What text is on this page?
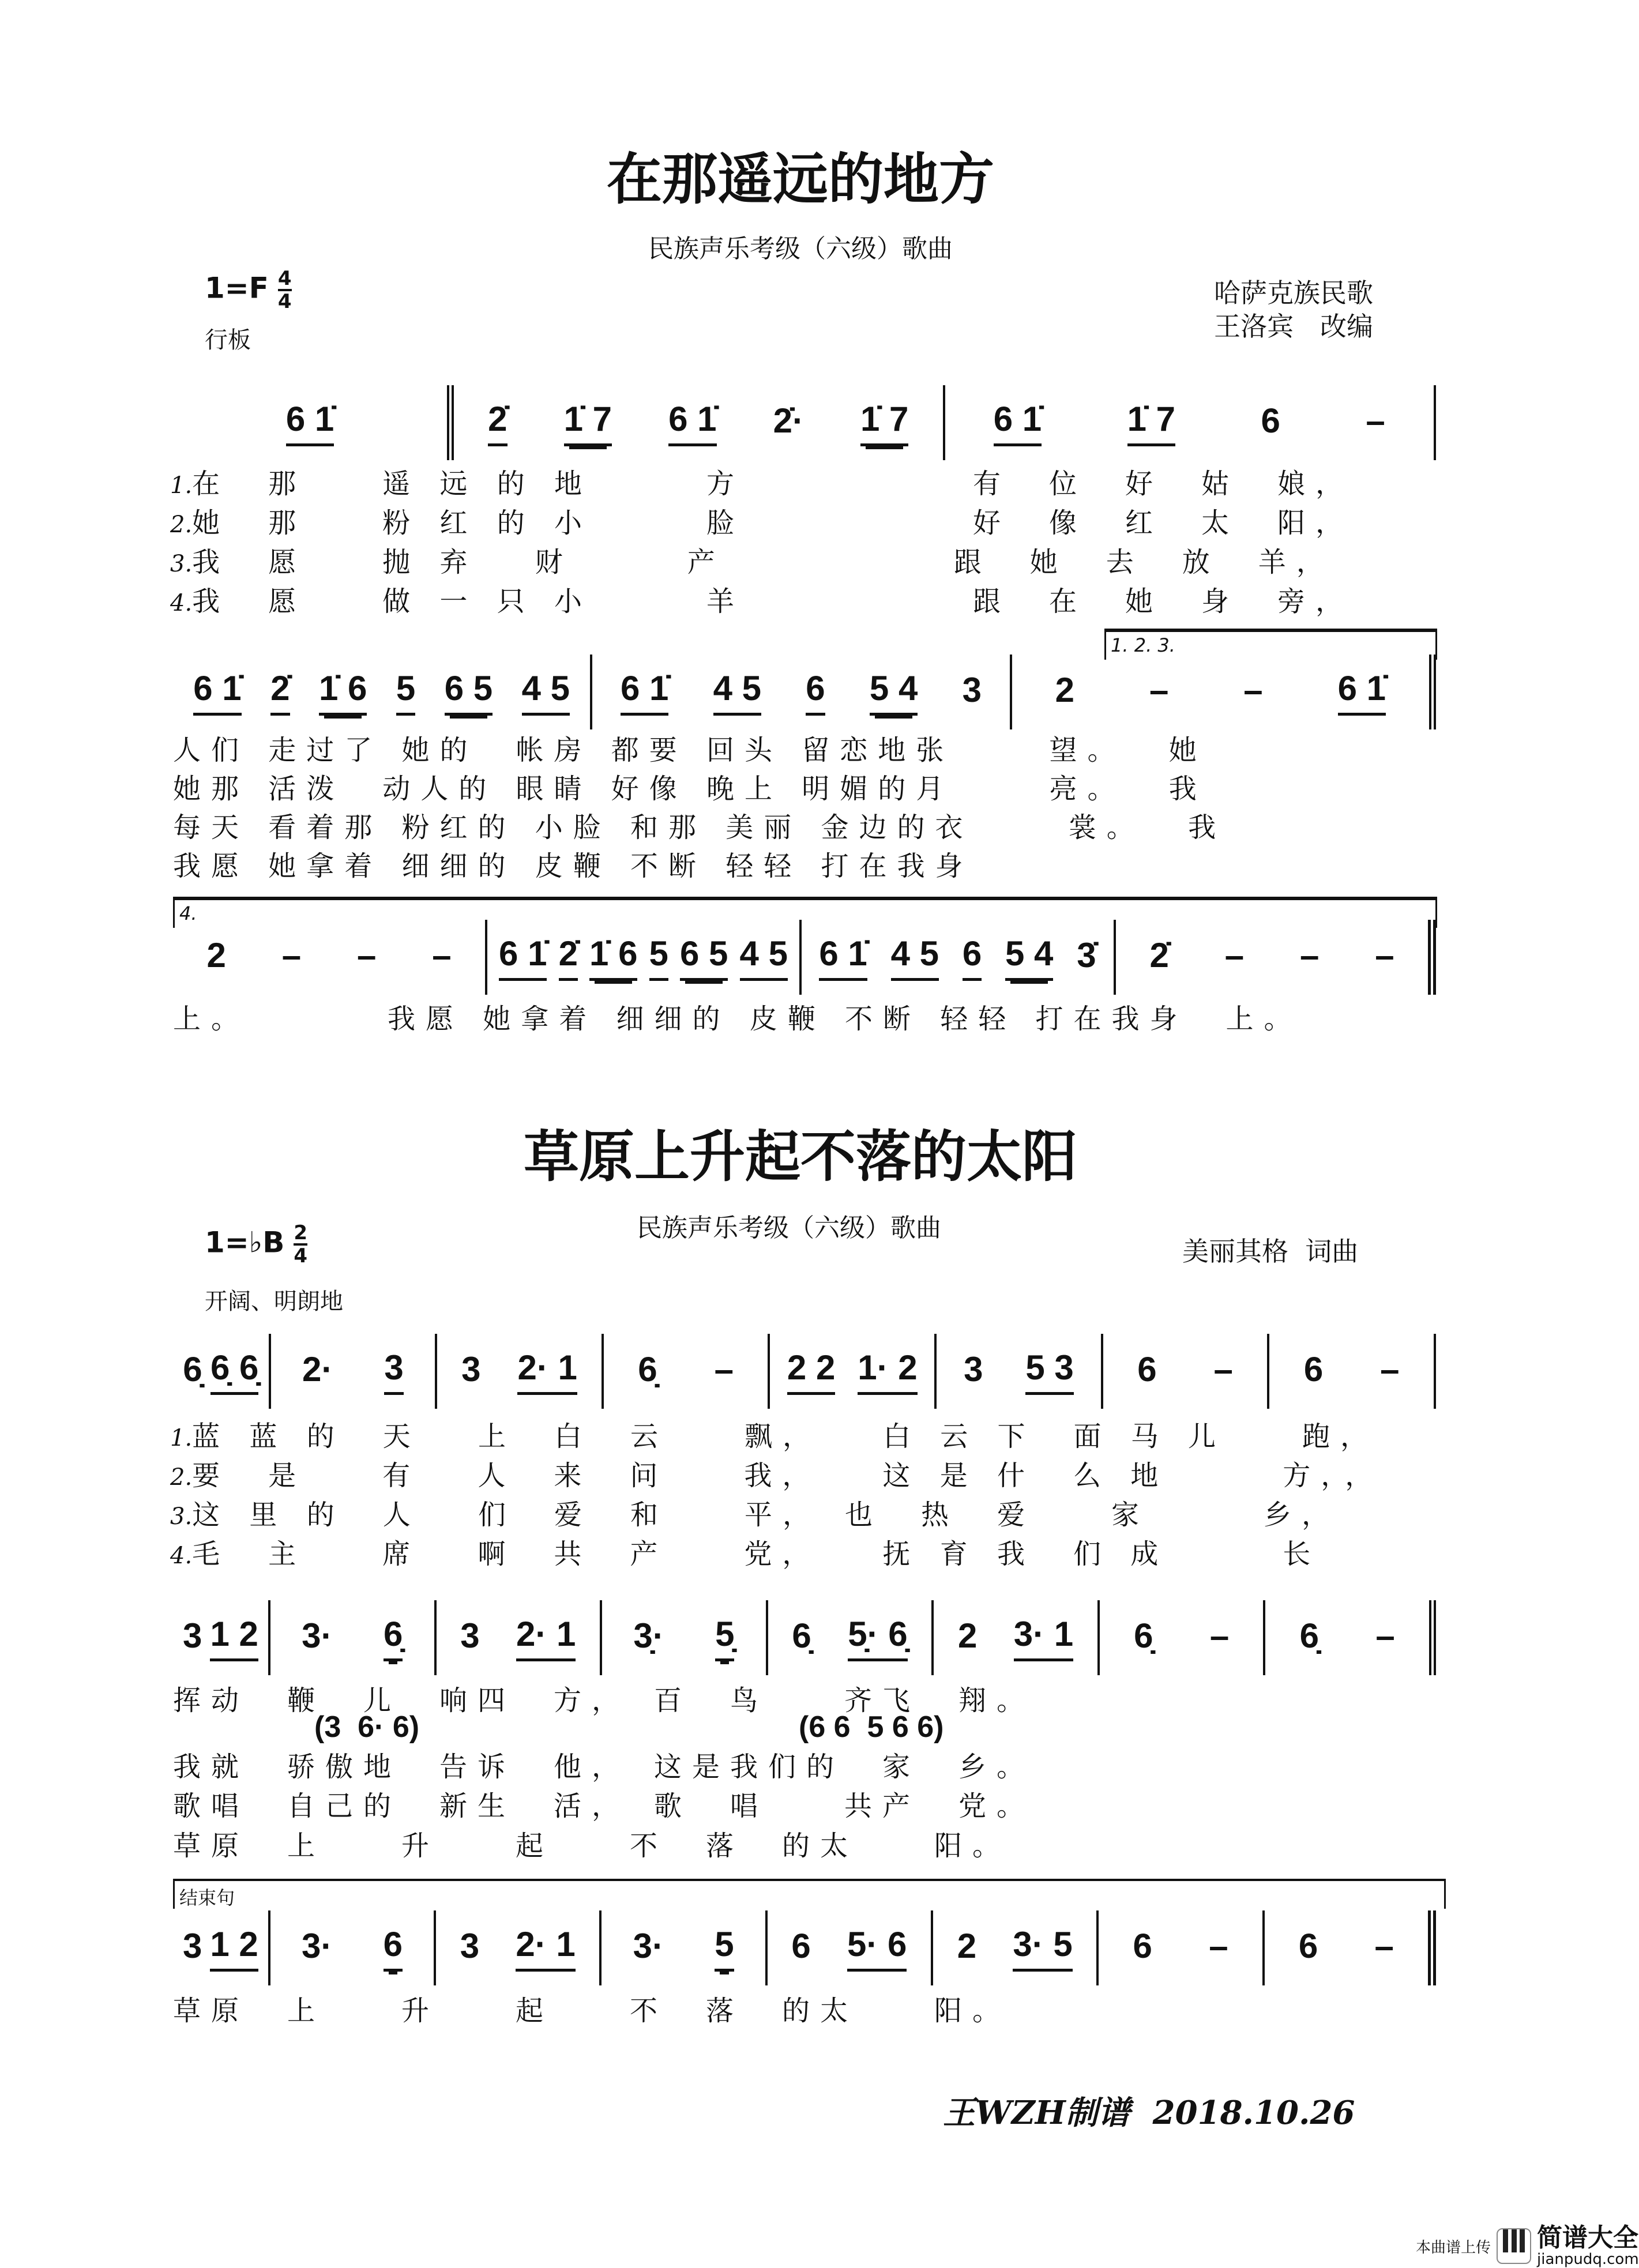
在那遥远的地方
民族声乐考级（六级）歌曲
$1=F \frac{4}{4}$
行板
哈萨克族民歌
王洛宾　改编
6 1̇	2̇ 1̇ 7 6 1̇ 2̇· 1̇ 7 6 1̇ 1̇ 7 6 –
1.在　那　　遥 远 的 地　　　方　　　　　　有　位　好　姑　娘，
2.她　那　　粉 红 的 小　　　脸　　　　　　好　像　红　太　阳，
3.我　愿　　抛 弃　 财　　　产　　　　　　跟　她　去　放　羊，
4.我　愿　　做 一 只 小　　　羊　　　　　　跟　在　她　身　旁，
1. 2. 3.
6 1̇ 2̇ 1̇ 6 5 6 5 4 5 6 1̇ 4 5 6 5 4 3 2 – – 6 1̇
人们 走过了 她的　帐房 都要 回头 留恋地张　　 望。　 她
她那 活泼　动人的 眼睛 好像 晚上 明媚的月　　 亮。　 我
每天 看着那 粉红的 小脸 和那 美丽 金边的衣　　 裳。　 我
我愿 她拿着 细细的 皮鞭 不断 轻轻 打在我身
4.
2 – – – 6 1̇ 2̇ 1̇ 6 5 6 5 4 5 6 1̇ 4 5 6 5 4 3̇ 2̇ – – –
上。　　　　我愿 她拿着 细细的 皮鞭 不断 轻轻 打在我身　上。
草原上升起不落的太阳
民族声乐考级（六级）歌曲
1=♭B $\frac{2}{4}$
开阔、明朗地
美丽其格  词曲
6̣ 6̣ 6̣ 2· 3 3 2· 1 6̣ – 2 2 1· 2 3 5 3 6 – 6 –
1.蓝 蓝 的　天　 上　白　云　　飘，　　白 云 下　面 马 儿　　跑，
2.要　是　　有　 人　来　问　　我，　　这 是 什　么 地　　　方，，
3.这 里 的　人　 们　爱　和　　平，　也　热　爱　　家　　　乡，
4.毛　主　　席　 啊　共　产　　党，　　抚 育 我　们 成　　　长
3 1 2 3· 6̣ 3 2· 1 3̣· 5̣ 6̣ 5̣· 6̣ 2 3· 1 6̣ – 6̣ –
挥动　鞭　儿　响四　方，　百　鸟　　齐飞　翔。
(3  6· 6)	(6 6  5 6 6)
我就　骄傲地　告诉　他，　这是我们的　家　乡。
歌唱　自己的　新生　活，　歌　唱　　共产　党。
草原　上　　升　　起　　不　落　的太　　阳。
结束句
3 1 2 3· 6 3 2· 1 3· 5 6 5· 6 2 3· 5 6 – 6 –
草原　上　　升　　起　　不　落　的太　　阳。
王WZH制谱  2018.10.26
本曲谱上传 简谱大全
jianpudq.com
